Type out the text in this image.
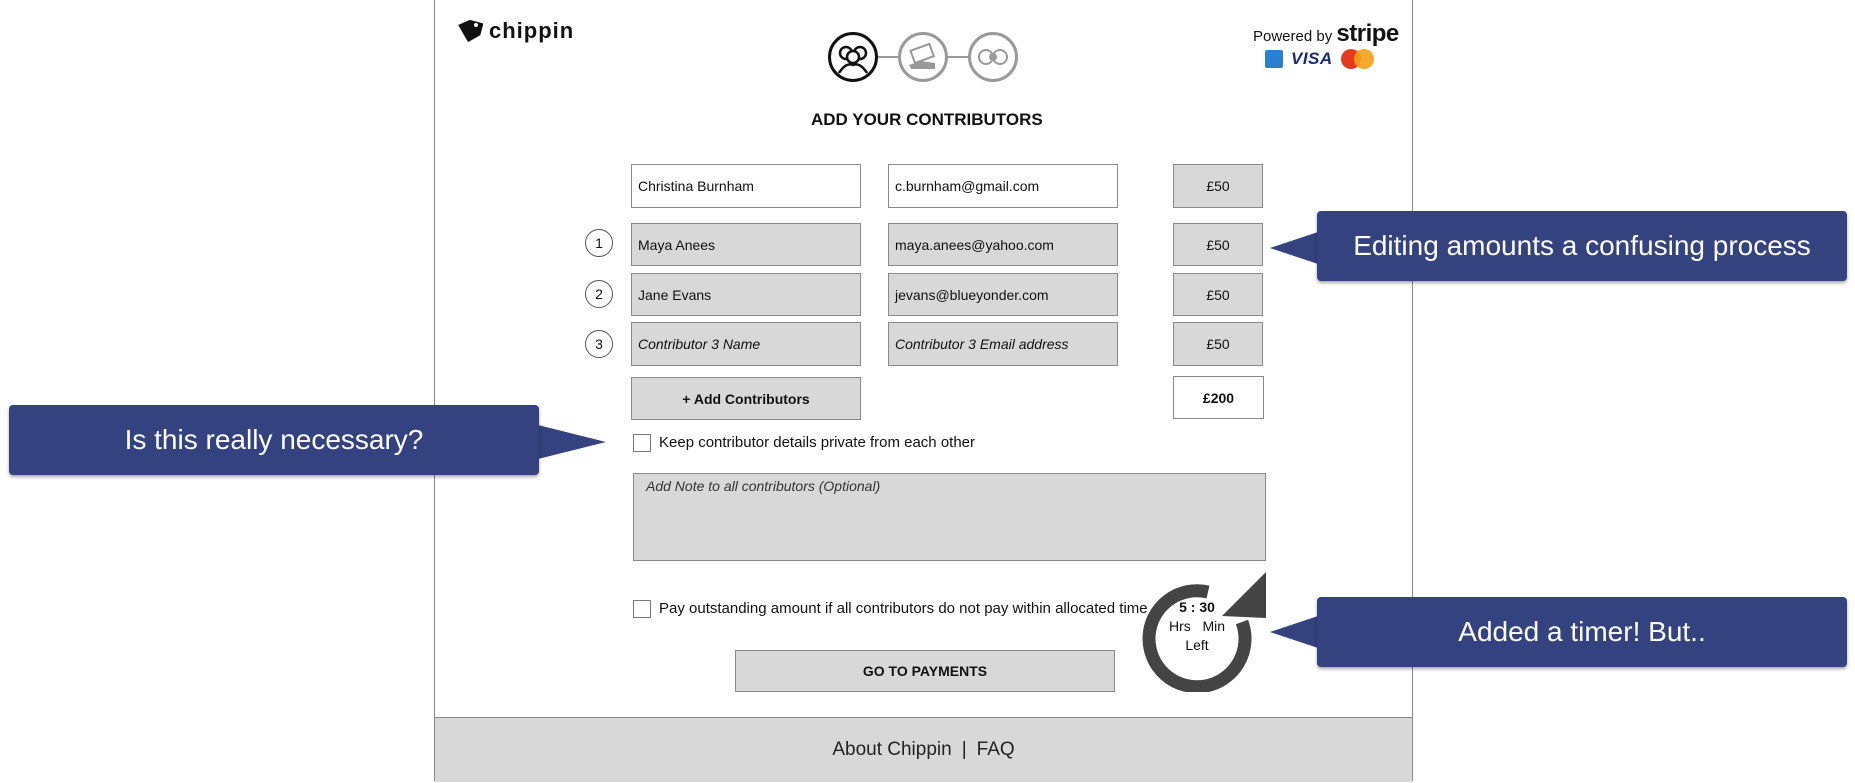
chippin	Powered by stripe
VISA
ADD YOUR CONTRIBUTORS
Christina Burnham	c.burnham@gmail.com	£50
1	Maya Anees	maya.anees@yahoo.com	£50
2	Jane Evans	jevans@blueyonder.com	£50
3	Contributor 3 Name	Contributor 3 Email address	£50
+ Add Contributors	£200
Keep contributor details private from each other
Add Note to all contributors (Optional)
Pay outstanding amount if all contributors do not pay within allocated time	5 : 30
Hrs   Min
Left
GO TO PAYMENTS
About Chippin | FAQ
Editing amounts a confusing process
Is this really necessary?
Added a timer! But..
